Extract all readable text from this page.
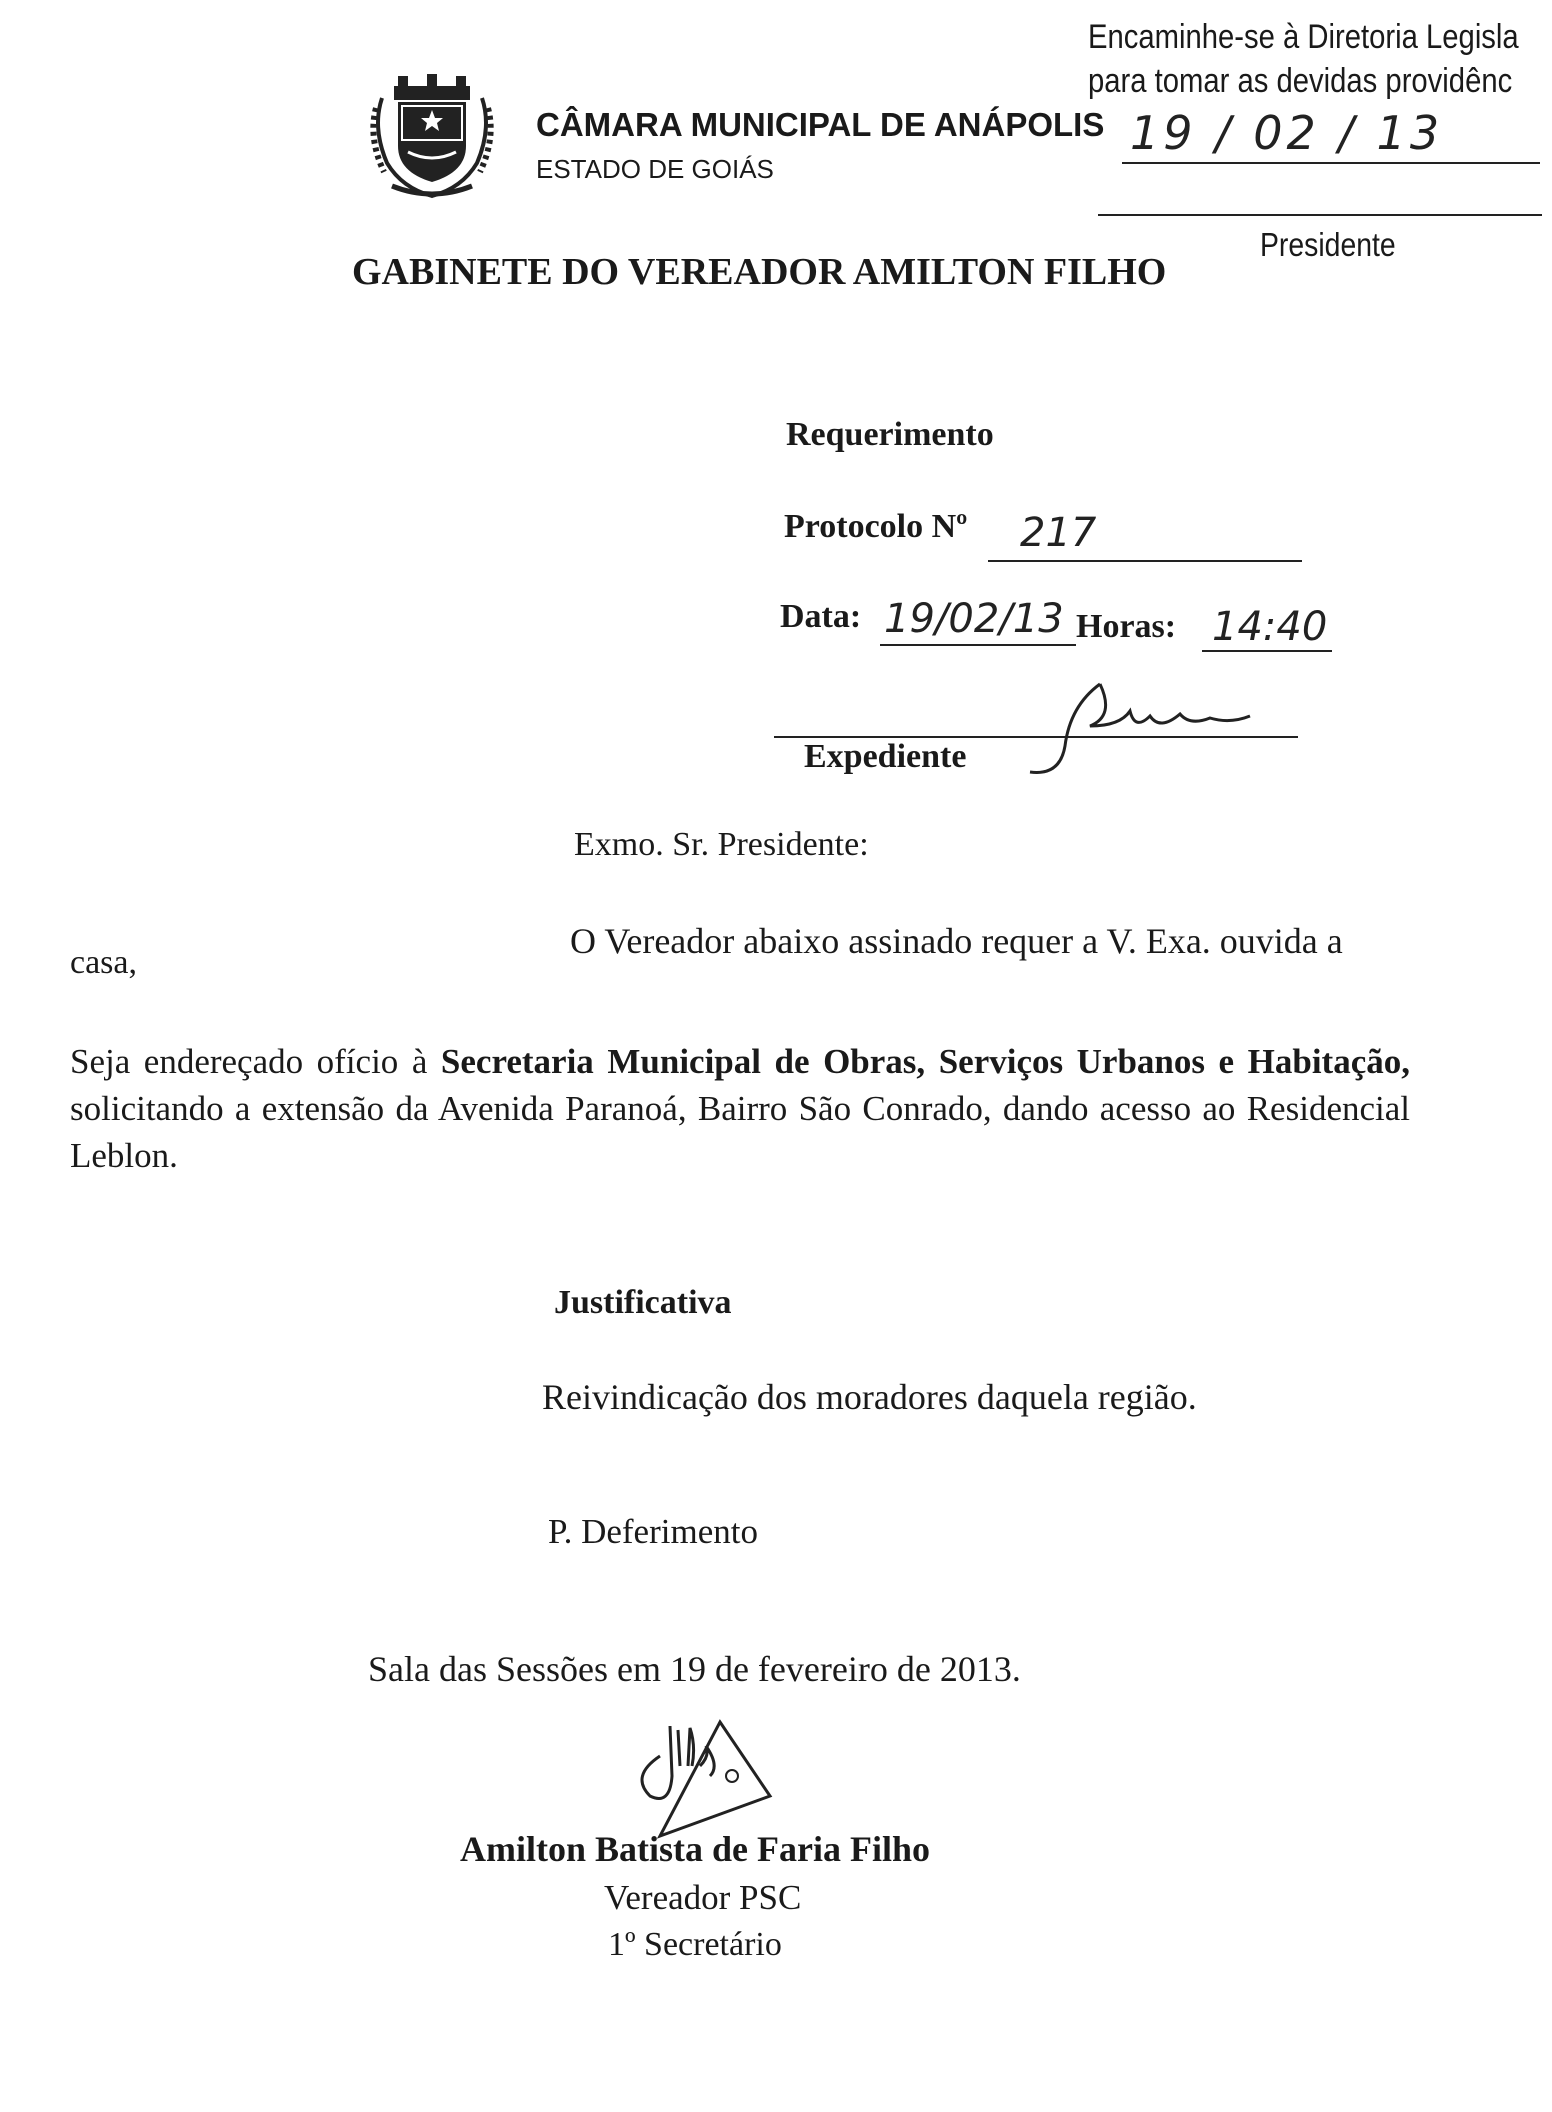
Encaminhe-se à Diretoria Legisla
para tomar as devidas providênc
19 / 02 / 13
Presidente
CÂMARA MUNICIPAL DE ANÁPOLIS
ESTADO DE GOIÁS
GABINETE DO VEREADOR AMILTON FILHO
Requerimento
Protocolo Nº 217
Data: 19/02/13 Horas: 14:40
Expediente
Exmo. Sr. Presidente:
O Vereador abaixo assinado requer a V. Exa. ouvida a
casa,
Seja endereçado ofício à Secretaria Municipal de Obras, Serviços Urbanos e Habitação, solicitando a extensão da Avenida Paranoá, Bairro São Conrado, dando acesso ao Residencial Leblon.
Justificativa
Reivindicação dos moradores daquela região.
P. Deferimento
Sala das Sessões em 19 de fevereiro de 2013.
Amilton Batista de Faria Filho
Vereador PSC
1º Secretário
